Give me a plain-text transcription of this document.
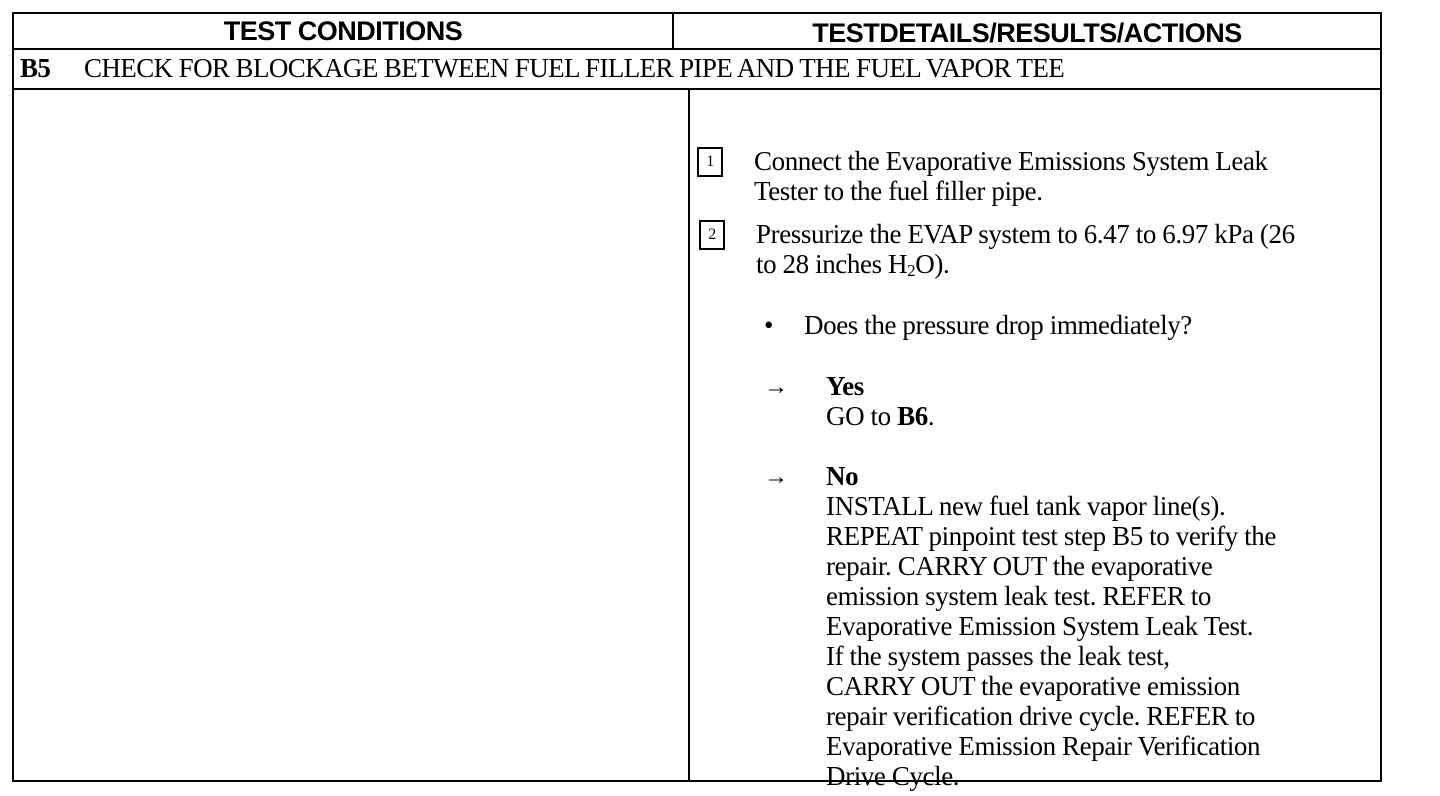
TEST CONDITIONS	TESTDETAILS/RESULTS/ACTIONS
B5 CHECK FOR BLOCKAGE BETWEEN FUEL FILLER PIPE AND THE FUEL VAPOR TEE
1	Connect the Evaporative Emissions System Leak
Tester to the fuel filler pipe.
2	Pressurize the EVAP system to 6.47 to 6.97 kPa (26
to 28 inches $H_2O$).
• Does the pressure drop immediately?
→ Yes
GO to B6.
→ No
INSTALL new fuel tank vapor line(s).
REPEAT pinpoint test step B5 to verify the
repair. CARRY OUT the evaporative
emission system leak test. REFER to
Evaporative Emission System Leak Test.
If the system passes the leak test,
CARRY OUT the evaporative emission
repair verification drive cycle. REFER to
Evaporative Emission Repair Verification
Drive Cycle.
